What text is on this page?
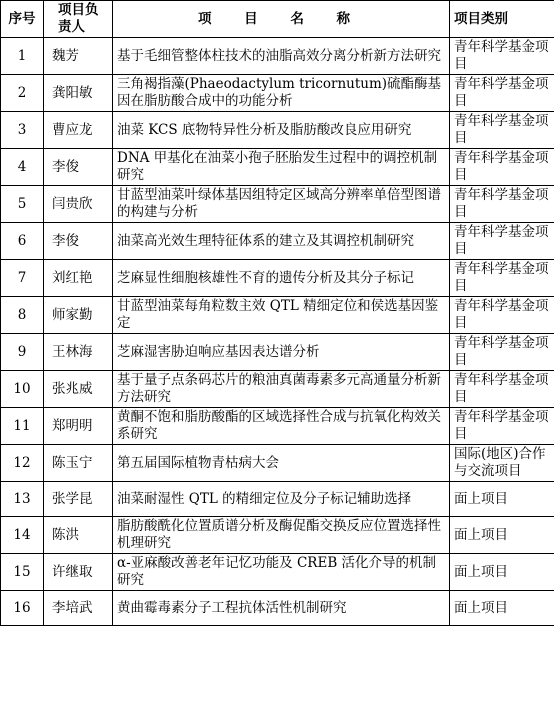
序号	项目负责人	项 目 名 称	项目类别
1	魏芳	基于毛细管整体柱技术的油脂高效分离分析新方法研究	青年科学基金项目
2	龚阳敏	三角褐指藻(Phaeodactylum tricornutum)硫酯酶基因在脂肪酸合成中的功能分析	青年科学基金项目
3	曹应龙	油菜 KCS 底物特异性分析及脂肪酸改良应用研究	青年科学基金项目
4	李俊	DNA 甲基化在油菜小孢子胚胎发生过程中的调控机制研究	青年科学基金项目
5	闫贵欣	甘蓝型油菜叶绿体基因组特定区域高分辨率单倍型图谱的构建与分析	青年科学基金项目
6	李俊	油菜高光效生理特征体系的建立及其调控机制研究	青年科学基金项目
7	刘红艳	芝麻显性细胞核雄性不育的遗传分析及其分子标记	青年科学基金项目
8	师家勤	甘蓝型油菜每角粒数主效 QTL 精细定位和侯选基因鉴定	青年科学基金项目
9	王林海	芝麻湿害胁迫响应基因表达谱分析	青年科学基金项目
10	张兆威	基于量子点条码芯片的粮油真菌毒素多元高通量分析新方法研究	青年科学基金项目
11	郑明明	黄酮不饱和脂肪酸酯的区域选择性合成与抗氧化构效关系研究	青年科学基金项目
12	陈玉宁	第五届国际植物青枯病大会	国际(地区)合作与交流项目
13	张学昆	油菜耐湿性 QTL 的精细定位及分子标记辅助选择	面上项目
14	陈洪	脂肪酸酰化位置质谱分析及酶促酯交换反应位置选择性机理研究	面上项目
15	许继取	α-亚麻酸改善老年记忆功能及 CREB 活化介导的机制研究	面上项目
16	李培武	黄曲霉毒素分子工程抗体活性机制研究	面上项目
